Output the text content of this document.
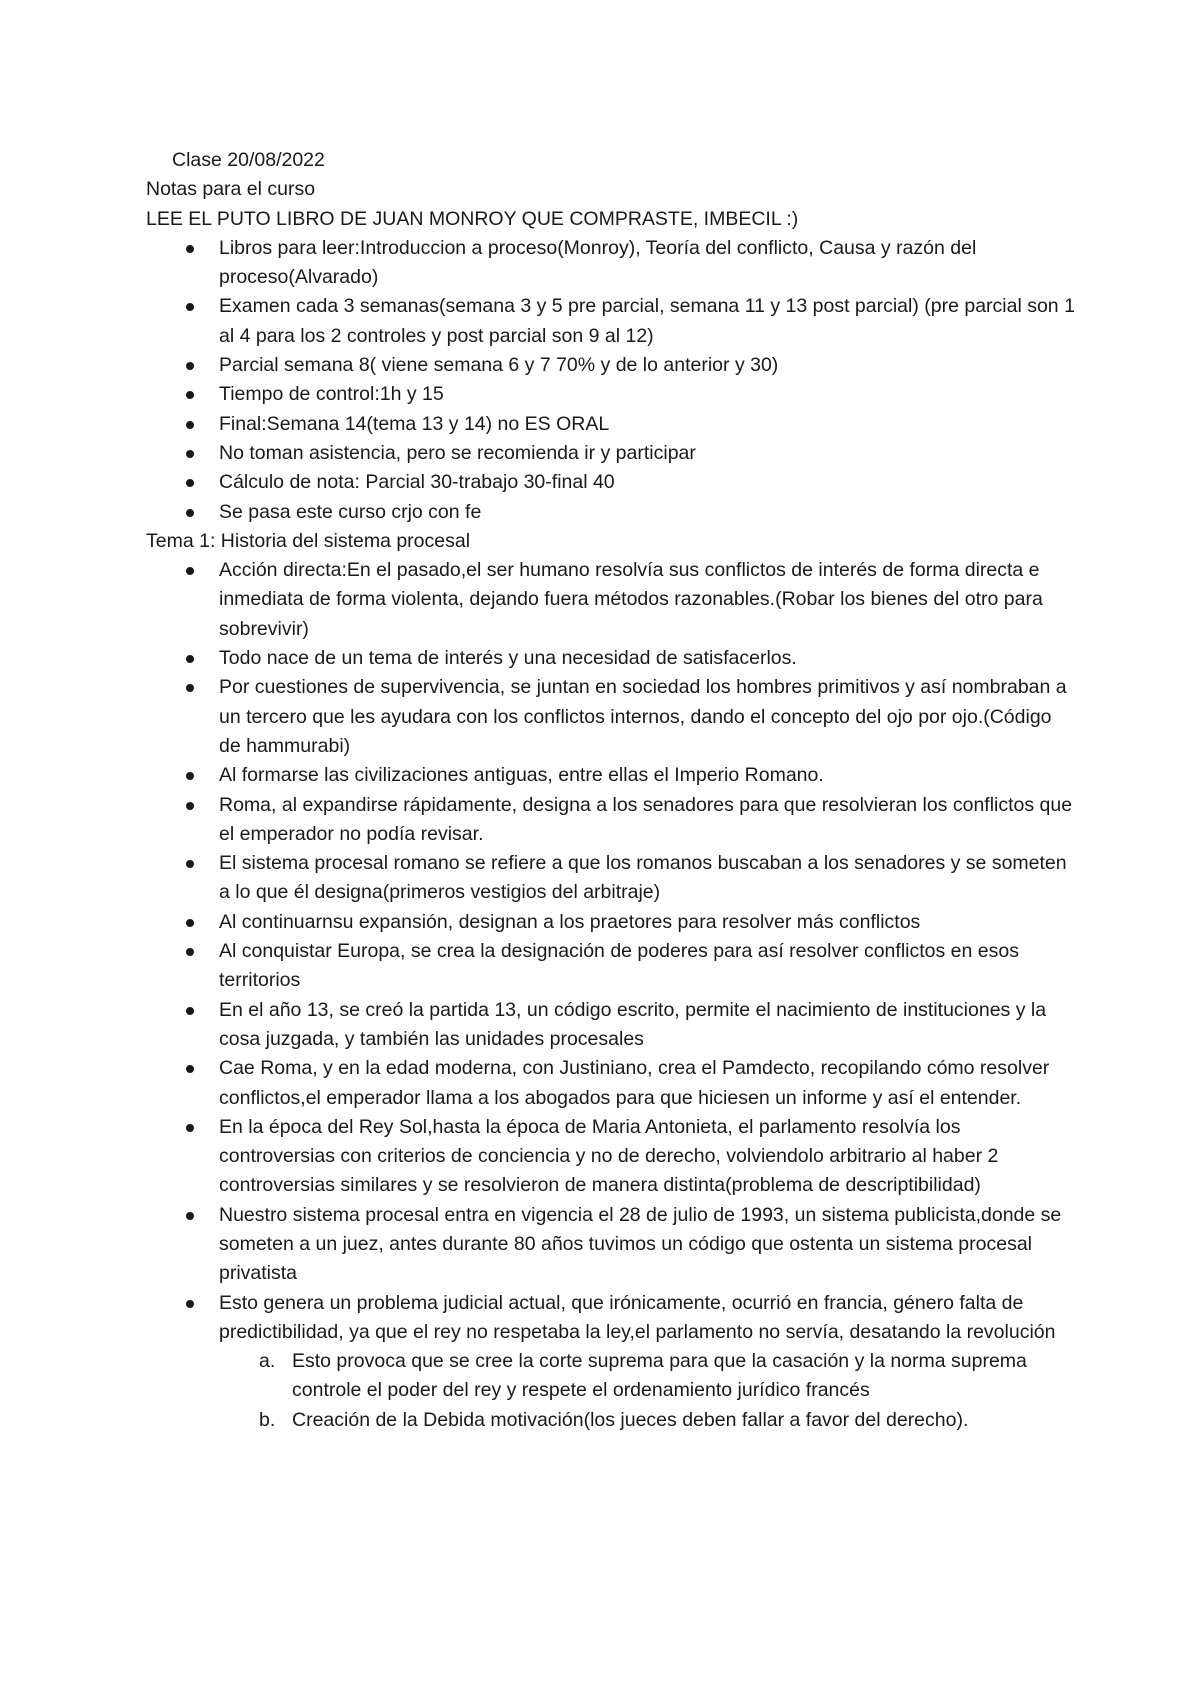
Clase 20/08/2022

Notas para el curso

LEE EL PUTO LIBRO DE JUAN MONROY QUE COMPRASTE, IMBECIL :)

Libros para leer:Introduccion a proceso(Monroy), Teoría del conflicto, Causa y razón del proceso(Alvarado)
Examen cada 3 semanas(semana 3 y 5 pre parcial, semana 11 y 13 post parcial) (pre parcial son 1 al 4 para los 2 controles y post parcial son 9 al 12)
Parcial semana 8( viene semana 6 y 7 70% y de lo anterior y 30)
Tiempo de control:1h y 15
Final:Semana 14(tema 13 y 14) no ES ORAL
No toman asistencia, pero se recomienda ir y participar
Cálculo de nota: Parcial 30-trabajo 30-final 40
Se pasa este curso crjo con fe

Tema 1: Historia del sistema procesal

Acción directa:En el pasado,el ser humano resolvía sus conflictos de interés de forma directa e inmediata de forma violenta, dejando fuera métodos razonables.(Robar los bienes del otro para sobrevivir)
Todo nace de un tema de interés y una necesidad de satisfacerlos.
Por cuestiones de supervivencia, se juntan en sociedad los hombres primitivos y así nombraban a un tercero que les ayudara con los conflictos internos, dando el concepto del ojo por ojo.(Código de hammurabi)
Al formarse las civilizaciones antiguas, entre ellas el Imperio Romano.
Roma, al expandirse rápidamente, designa a los senadores para que resolvieran los conflictos que el emperador no podía revisar.
El sistema procesal romano se refiere a que los romanos buscaban a los senadores y se someten a lo que él designa(primeros vestigios del arbitraje)
Al continuarnsu expansión, designan a los praetores para resolver más conflictos
Al conquistar Europa, se crea la designación de poderes para así resolver conflictos en esos territorios
En el año 13, se creó la partida 13, un código escrito, permite el nacimiento de instituciones y la cosa juzgada, y también las unidades procesales
Cae Roma, y en la edad moderna, con Justiniano, crea el Pamdecto, recopilando cómo resolver conflictos,el emperador llama a los abogados para que hiciesen un informe y así el entender.
En la época del Rey Sol,hasta la época de Maria Antonieta, el parlamento resolvía los controversias con criterios de conciencia y no de derecho, volviendolo arbitrario al haber 2 controversias similares y se resolvieron de manera distinta(problema de descriptibilidad)
Nuestro sistema procesal entra en vigencia el 28 de julio de 1993, un sistema publicista,donde se someten a un juez, antes durante 80 años tuvimos un código que ostenta un sistema procesal privatista
Esto genera un problema judicial actual, que irónicamente, ocurrió en francia, género falta de predictibilidad, ya que el rey no respetaba la ley,el parlamento no servía, desatando la revolución
a. Esto provoca que se cree la corte suprema para que la casación y la norma suprema controle el poder del rey y respete el ordenamiento jurídico francés
b. Creación de la Debida motivación(los jueces deben fallar a favor del derecho).
